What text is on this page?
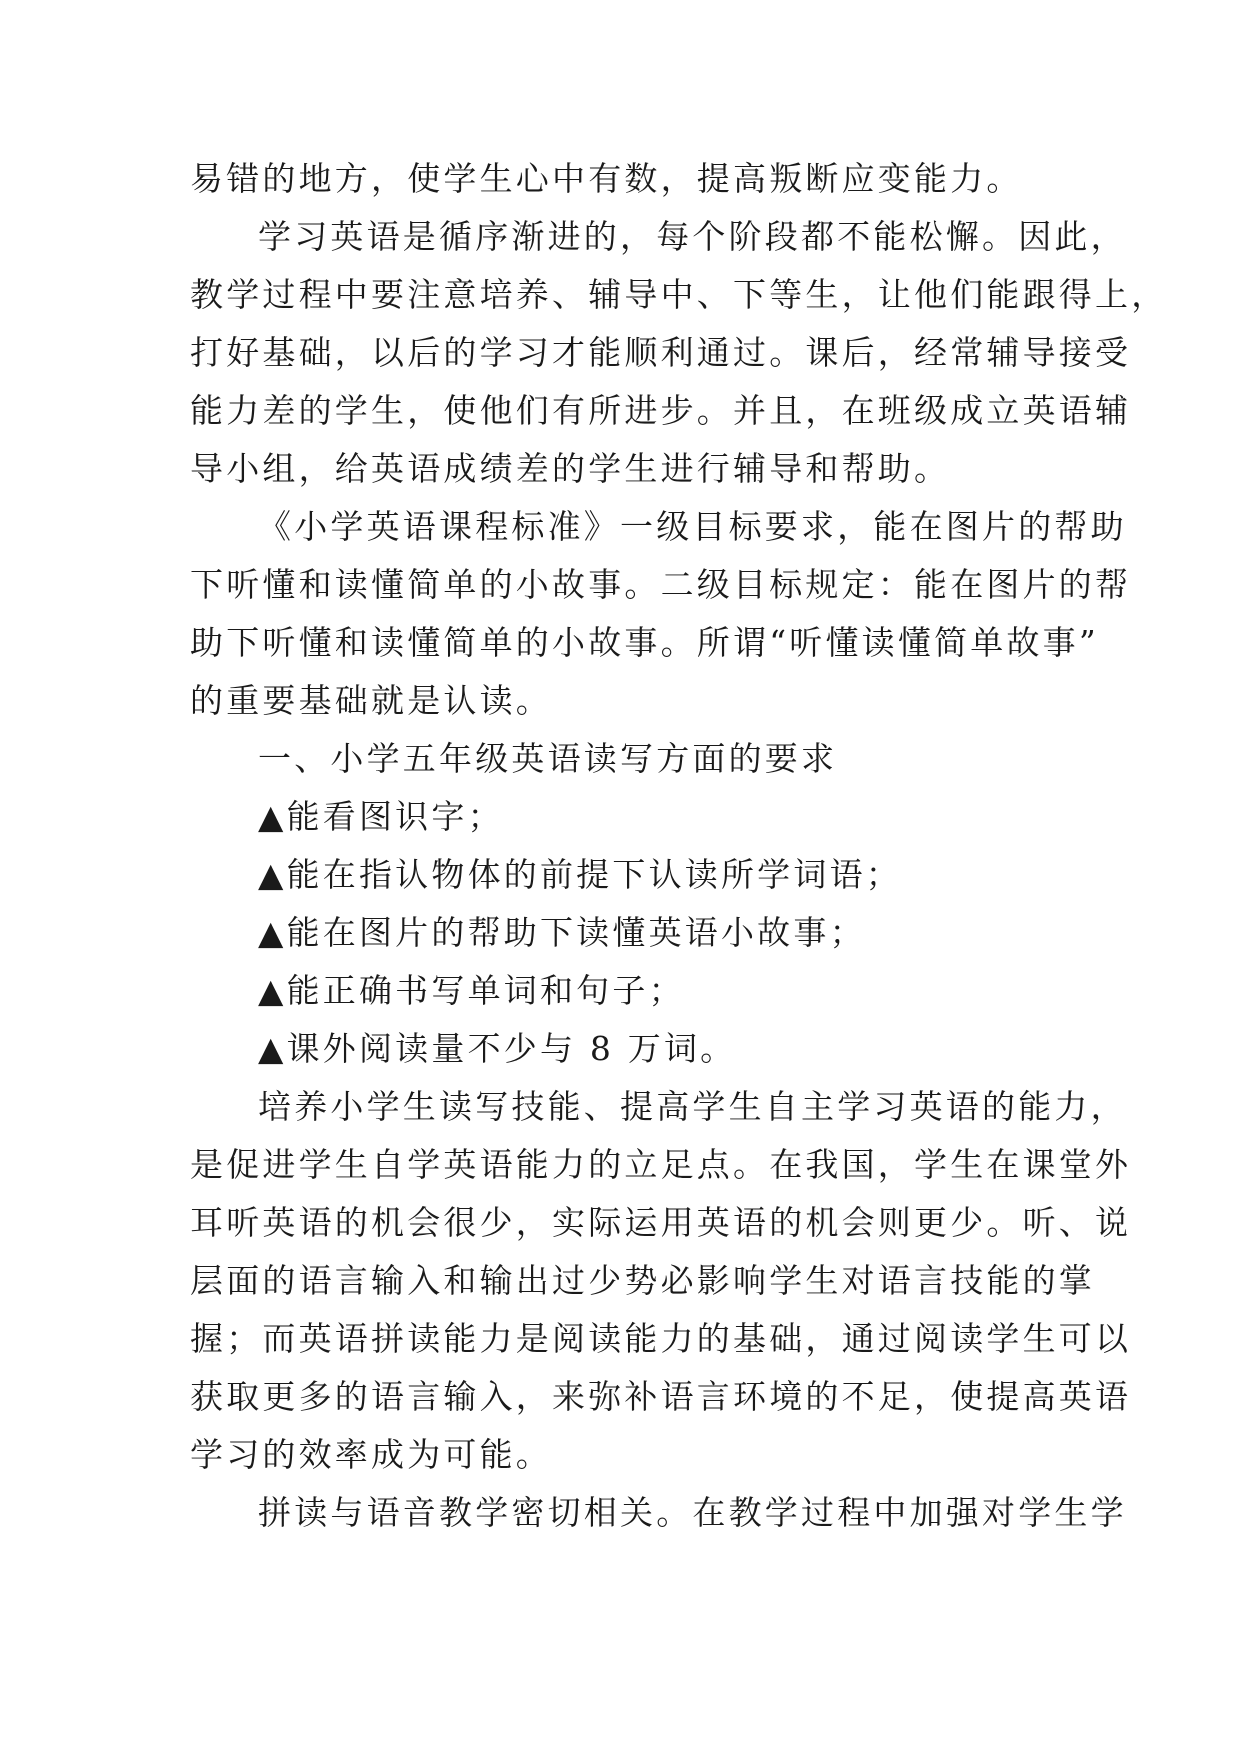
易错的地方，使学生心中有数，提高叛断应变能力。
学习英语是循序渐进的，每个阶段都不能松懈。因此，
教学过程中要注意培养、辅导中、下等生，让他们能跟得上，
打好基础，以后的学习才能顺利通过。课后，经常辅导接受
能力差的学生，使他们有所进步。并且，在班级成立英语辅
导小组，给英语成绩差的学生进行辅导和帮助。
《小学英语课程标准》一级目标要求，能在图片的帮助
下听懂和读懂简单的小故事。二级目标规定：能在图片的帮
助下听懂和读懂简单的小故事。所谓“听懂读懂简单故事”
的重要基础就是认读。
一、小学五年级英语读写方面的要求
▲能看图识字；
▲能在指认物体的前提下认读所学词语；
▲能在图片的帮助下读懂英语小故事；
▲能正确书写单词和句子；
▲课外阅读量不少与 8 万词。
培养小学生读写技能、提高学生自主学习英语的能力，
是促进学生自学英语能力的立足点。在我国，学生在课堂外
耳听英语的机会很少，实际运用英语的机会则更少。听、说
层面的语言输入和输出过少势必影响学生对语言技能的掌
握；而英语拼读能力是阅读能力的基础，通过阅读学生可以
获取更多的语言输入，来弥补语言环境的不足，使提高英语
学习的效率成为可能。
拼读与语音教学密切相关。在教学过程中加强对学生学
